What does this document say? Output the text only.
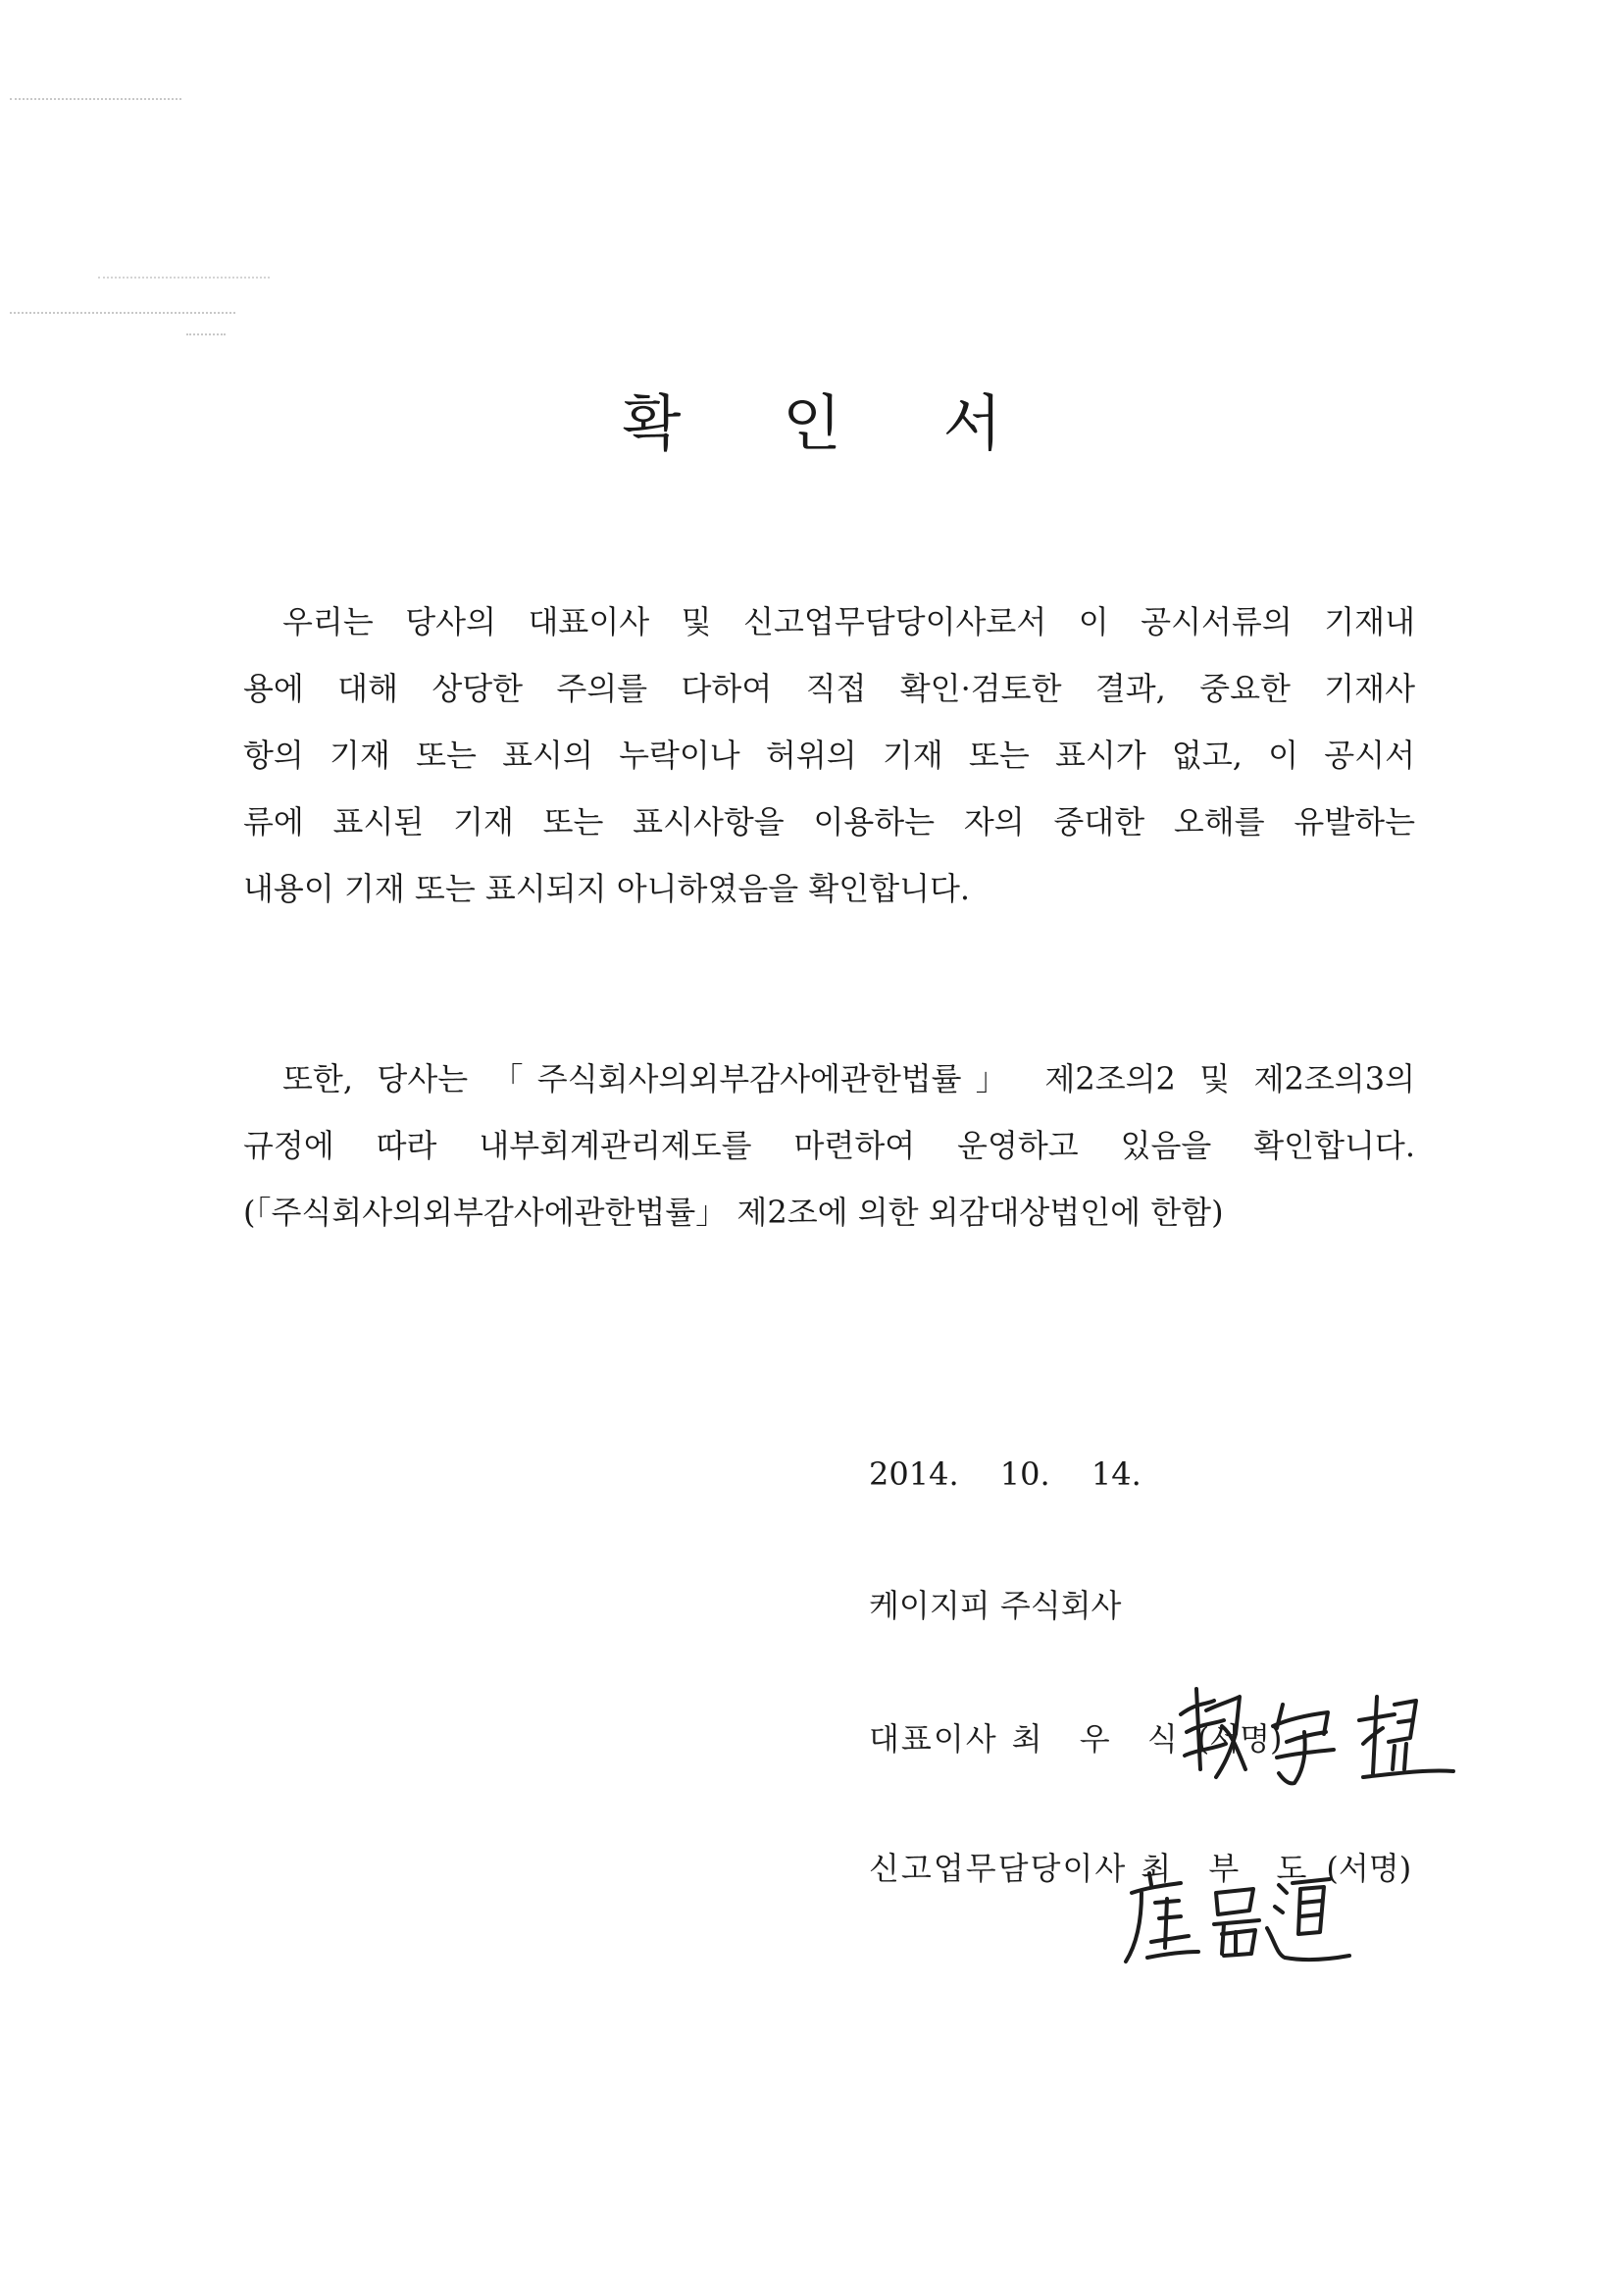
확 인 서
우리는 당사의 대표이사 및 신고업무담당이사로서 이 공시서류의 기재내
용에 대해 상당한 주의를 다하여 직접 확인·검토한 결과, 중요한 기재사
항의 기재 또는 표시의 누락이나 허위의 기재 또는 표시가 없고, 이 공시서
류에 표시된 기재 또는 표시사항을 이용하는 자의 중대한 오해를 유발하는
내용이 기재 또는 표시되지 아니하였음을 확인합니다.
또한, 당사는 「주식회사의외부감사에관한법률」 제2조의2 및 제2조의3의
규정에 따라 내부회계관리제도를 마련하여 운영하고 있음을 확인합니다.
(「주식회사의외부감사에관한법률」 제2조에 의한 외감대상법인에 한함)
2014. 10. 14.
케이지피 주식회사
대표이사 최 우 식 (서명)
신고업무담당이사 최 부 도 (서명)
